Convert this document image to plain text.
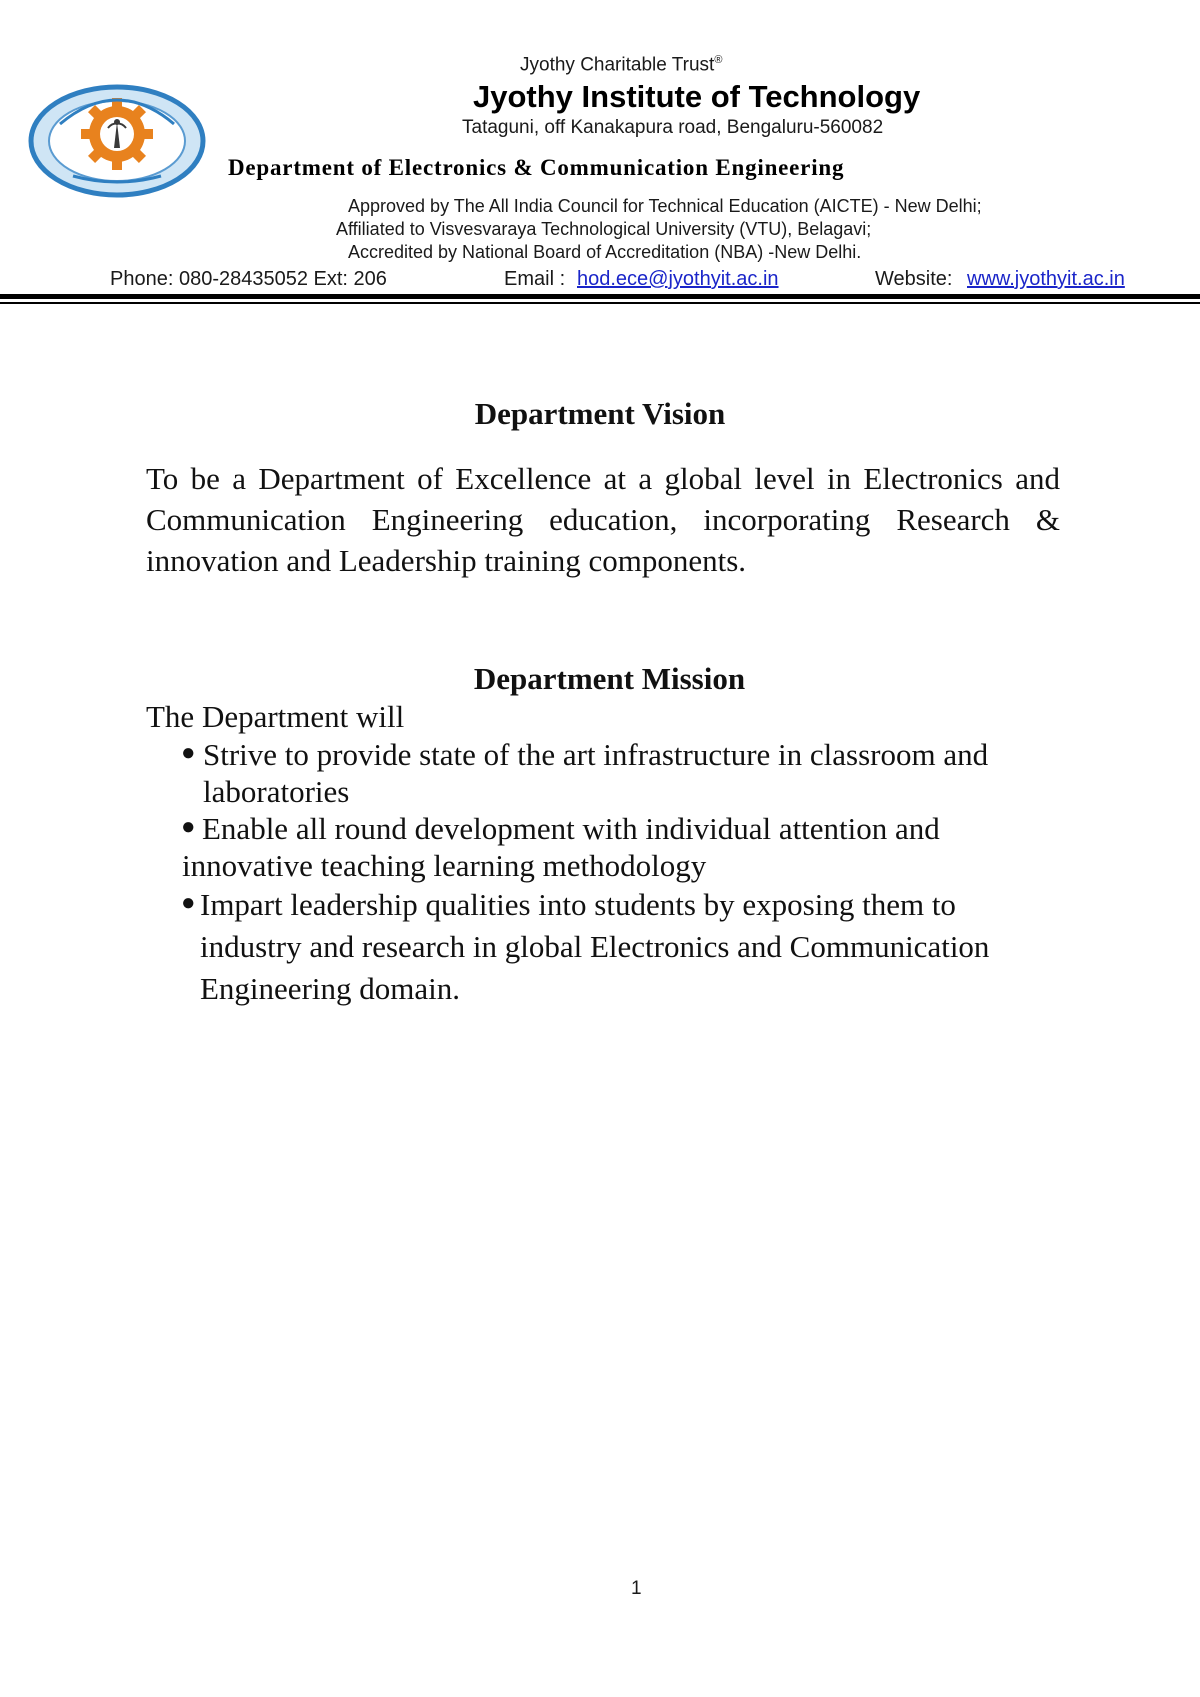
Jyothy Charitable Trust®
Jyothy Institute of Technology
Tataguni, off Kanakapura road, Bengaluru-560082
Department of Electronics & Communication Engineering
Approved by The All India Council for Technical Education (AICTE) - New Delhi;
Affiliated to Visvesvaraya Technological University (VTU), Belagavi;
Accredited by National Board of Accreditation (NBA) -New Delhi.
Phone: 080-28435052 Ext: 206	Email : hod.ece@jyothyit.ac.in	Website: www.jyothyit.ac.in
Department Vision
To be a Department of Excellence at a global level in Electronics and Communication Engineering education, incorporating Research & innovation and Leadership training components.
Department Mission
The Department will
● Strive to provide state of the art infrastructure in classroom and laboratories
● Enable all round development with individual attention and innovative teaching learning methodology
● Impart leadership qualities into students by exposing them to industry and research in global Electronics and Communication Engineering domain.
1
